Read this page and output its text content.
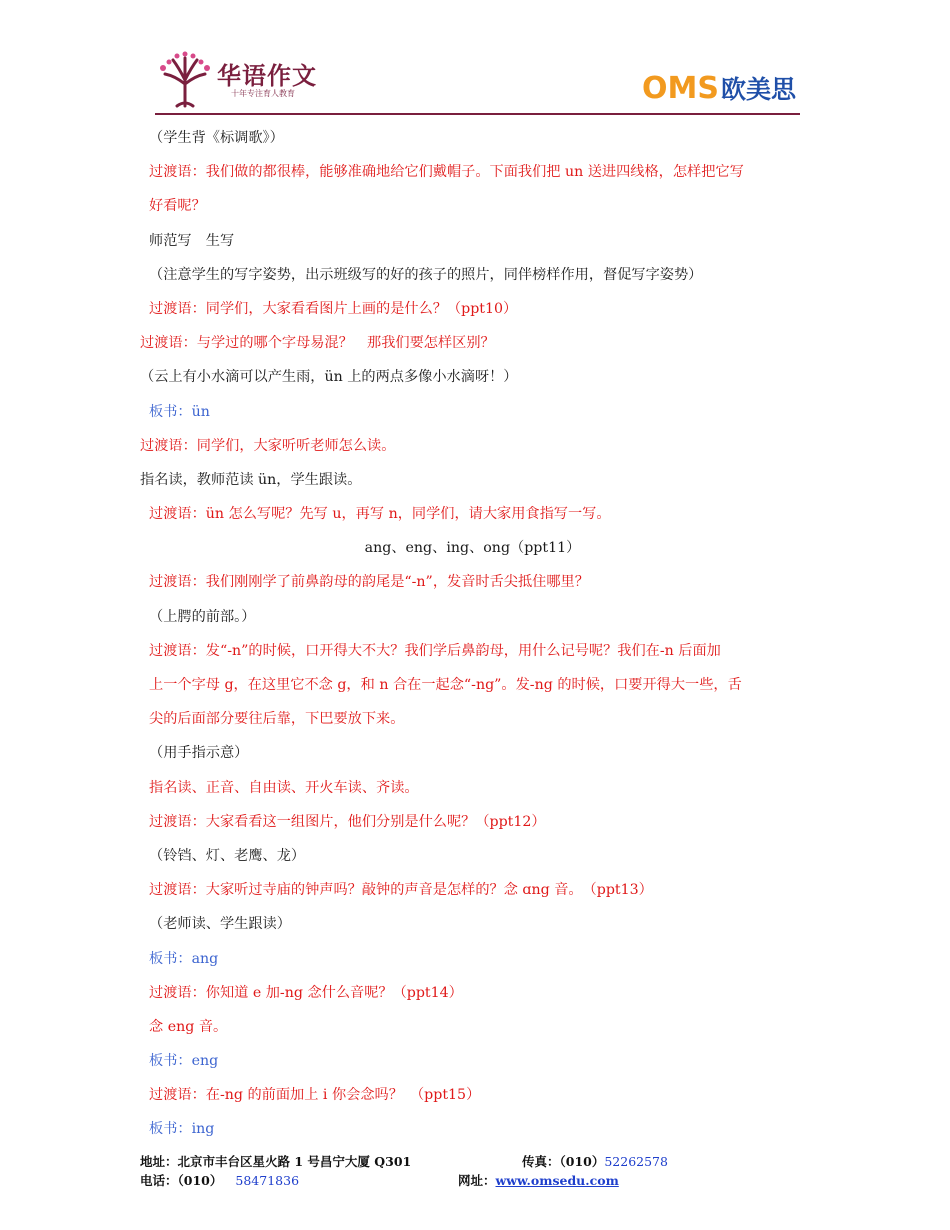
华语作文
十年专注育人教育	OMS欧美思
（学生背《标调歌》）
过渡语：我们做的都很棒，能够准确地给它们戴帽子。下面我们把 un 送进四线格，怎样把它写
好看呢？
师范写　生写
（注意学生的写字姿势，出示班级写的好的孩子的照片，同伴榜样作用，督促写字姿势）
过渡语：同学们，大家看看图片上画的是什么？（ppt10）
过渡语：与学过的哪个字母易混？　那我们要怎样区别？
（云上有小水滴可以产生雨，ün 上的两点多像小水滴呀！）
板书：ün
过渡语：同学们，大家听听老师怎么读。
指名读，教师范读 ün，学生跟读。
过渡语：ün 怎么写呢？先写 u，再写 n，同学们，请大家用食指写一写。
ang、eng、ing、ong（ppt11）
过渡语：我们刚刚学了前鼻韵母的韵尾是“-n”，发音时舌尖抵住哪里？
（上腭的前部。）
过渡语：发“-n”的时候，口开得大不大？我们学后鼻韵母，用什么记号呢？我们在-n 后面加
上一个字母 g，在这里它不念 g，和 n 合在一起念“-ng”。发-ng 的时候，口要开得大一些，舌
尖的后面部分要往后靠，下巴要放下来。
（用手指示意）
指名读、正音、自由读、开火车读、齐读。
过渡语：大家看看这一组图片，他们分别是什么呢？（ppt12）
（铃铛、灯、老鹰、龙）
过渡语：大家听过寺庙的钟声吗？敲钟的声音是怎样的？念 ɑng 音。　（ppt13）
（老师读、学生跟读）
板书：ang
过渡语：你知道 e 加-ng 念什么音呢？（ppt14）
念 eng 音。
板书：eng
过渡语：在-ng 的前面加上 i 你会念吗？　（ppt15）
板书：ing
地址：北京市丰台区星火路 1 号昌宁大厦 Q301	传真：（010）52262578
电话：（010） 58471836	网址：www.omsedu.com
